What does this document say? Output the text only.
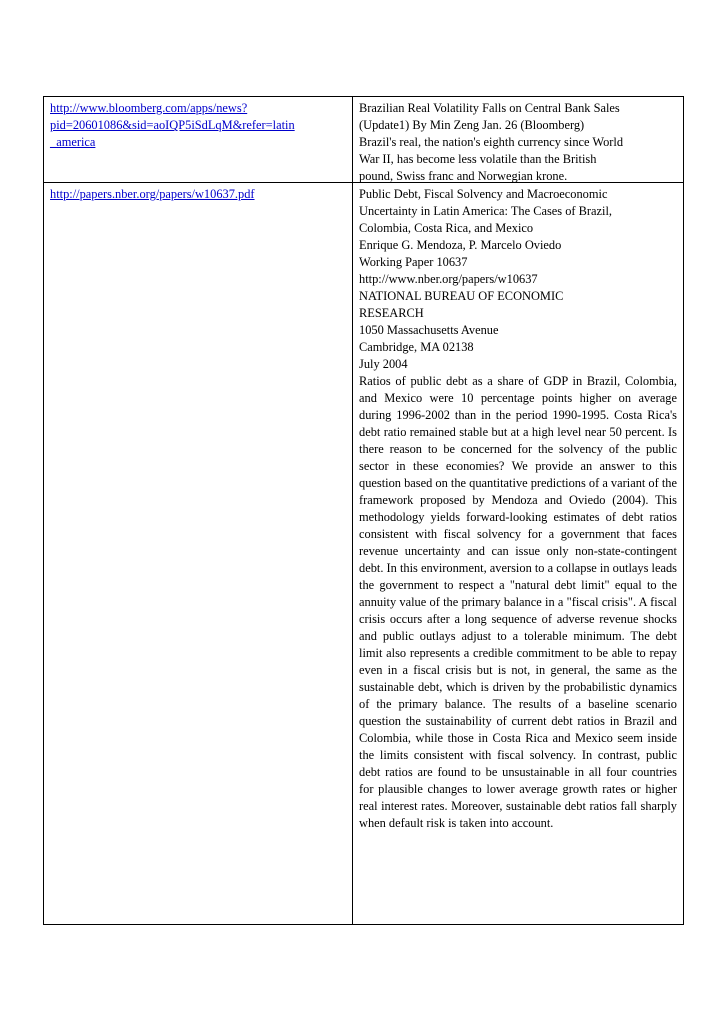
http://www.bloomberg.com/apps/news?
pid=20601086&sid=aoIQP5iSdLqM&refer=latin
_america
Brazilian Real Volatility Falls on Central Bank Sales
(Update1) By Min Zeng Jan. 26 (Bloomberg)
Brazil's real, the nation's eighth currency since World
War II, has become less volatile than the British
pound, Swiss franc and Norwegian krone.
http://papers.nber.org/papers/w10637.pdf	Public Debt, Fiscal Solvency and Macroeconomic
Uncertainty in Latin America: The Cases of Brazil,
Colombia, Costa Rica, and Mexico
Enrique G. Mendoza, P. Marcelo Oviedo
Working Paper 10637
http://www.nber.org/papers/w10637
NATIONAL BUREAU OF ECONOMIC
RESEARCH
1050 Massachusetts Avenue
Cambridge, MA 02138
July 2004
Ratios of public debt as a share of GDP in Brazil, Colombia, and Mexico were 10 percentage points higher on average during 1996-2002 than in the period 1990-1995. Costa Rica's debt ratio remained stable but at a high level near 50 percent. Is there reason to be concerned for the solvency of the public sector in these economies? We provide an answer to this question based on the quantitative predictions of a variant of the framework proposed by Mendoza and Oviedo (2004). This methodology yields forward-looking estimates of debt ratios consistent with fiscal solvency for a government that faces revenue uncertainty and can issue only non-state-contingent debt. In this environment, aversion to a collapse in outlays leads the government to respect a "natural debt limit" equal to the annuity value of the primary balance in a "fiscal crisis". A fiscal crisis occurs after a long sequence of adverse revenue shocks and public outlays adjust to a tolerable minimum. The debt limit also represents a credible commitment to be able to repay even in a fiscal crisis but is not, in general, the same as the sustainable debt, which is driven by the probabilistic dynamics of the primary balance. The results of a baseline scenario question the sustainability of current debt ratios in Brazil and Colombia, while those in Costa Rica and Mexico seem inside the limits consistent with fiscal solvency. In contrast, public debt ratios are found to be unsustainable in all four countries for plausible changes to lower average growth rates or higher real interest rates. Moreover, sustainable debt ratios fall sharply when default risk is taken into account.
